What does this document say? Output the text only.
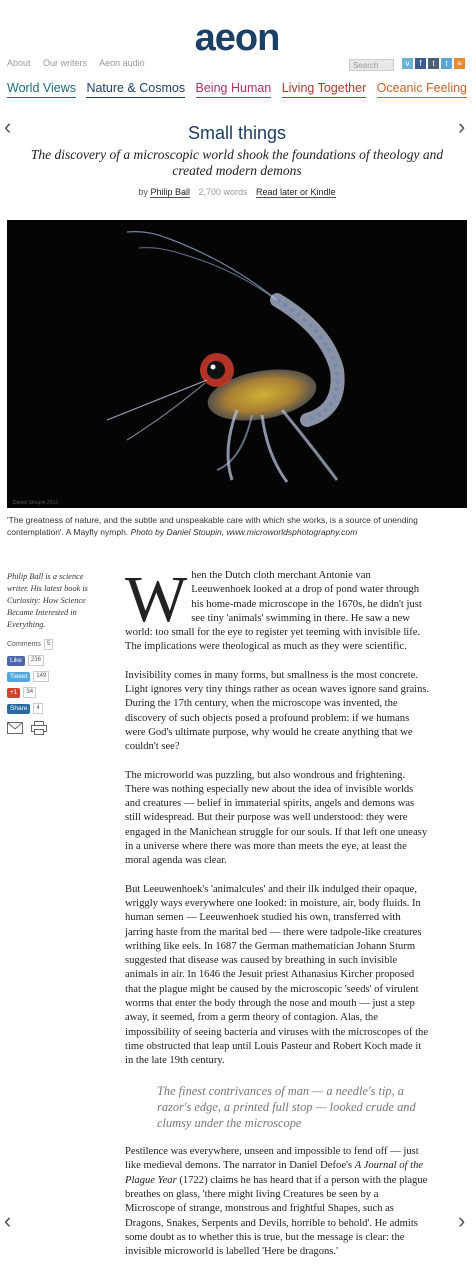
aeon
About Our writers Aeon audio	Search	v	f	t	t	≡
World Views Nature & Cosmos Being Human Living Together Oceanic Feeling
‹	›
‹	›
Small things
The discovery of a microscopic world shook the foundations of theology and created modern demons
by Philip Ball 2,700 words Read later or Kindle
Daniel Stoupin 2013
'The greatness of nature, and the subtle and unspeakable care with which she works, is a source of unending contemplation'. A Mayfly nymph. Photo by Daniel Stoupin, www.microworldsphotography.com
Philip Ball is a science writer. His latest book is Curiosity: How Science Became Interested in Everything.
Comments	5
Like	236
Tweet	149
+1	34
Share	4

W hen the Dutch cloth merchant Antonie van Leeuwenhoek looked at a drop of pond water through his home-made microscope in the 1670s, he didn't just see tiny 'animals' swimming in there. He saw a new world: too small for the eye to register yet teeming with invisible life. The implications were theological as much as they were scientific.

Invisibility comes in many forms, but smallness is the most concrete. Light ignores very tiny things rather as ocean waves ignore sand grains. During the 17th century, when the microscope was invented, the discovery of such objects posed a profound problem: if we humans were God's ultimate purpose, why would he create anything that we couldn't see?

The microworld was puzzling, but also wondrous and frightening. There was nothing especially new about the idea of invisible worlds and creatures — belief in immaterial spirits, angels and demons was still widespread. But their purpose was well understood: they were engaged in the Manichean struggle for our souls. If that left one uneasy in a universe where there was more than meets the eye, at least the moral agenda was clear.

But Leeuwenhoek's 'animalcules' and their ilk indulged their opaque, wriggly ways everywhere one looked: in moisture, air, body fluids. In human semen — Leeuwenhoek studied his own, transferred with jarring haste from the marital bed — there were tadpole-like creatures writhing like eels. In 1687 the German mathematician Johann Sturm suggested that disease was caused by breathing in such invisible animals in air. In 1646 the Jesuit priest Athanasius Kircher proposed that the plague might be caused by the microscopic 'seeds' of virulent worms that enter the body through the nose and mouth — just a step away, it seemed, from a germ theory of contagion. Alas, the impossibility of seeing bacteria and viruses with the microscopes of the time obstructed that leap until Louis Pasteur and Robert Koch made it in the late 19th century.

The finest contrivances of man — a needle's tip, a razor's edge, a printed full stop — looked crude and clumsy under the microscope

Pestilence was everywhere, unseen and impossible to fend off — just like medieval demons. The narrator in Daniel Defoe's A Journal of the Plague Year (1722) claims he has heard that if a person with the plague breathes on glass, 'there might living Creatures be seen by a Microscope of strange, monstrous and frightful Shapes, such as Dragons, Snakes, Serpents and Devils, horrible to behold'. He admits some doubt as to whether this is true, but the message is clear: the invisible microworld is labelled 'Here be dragons.'
